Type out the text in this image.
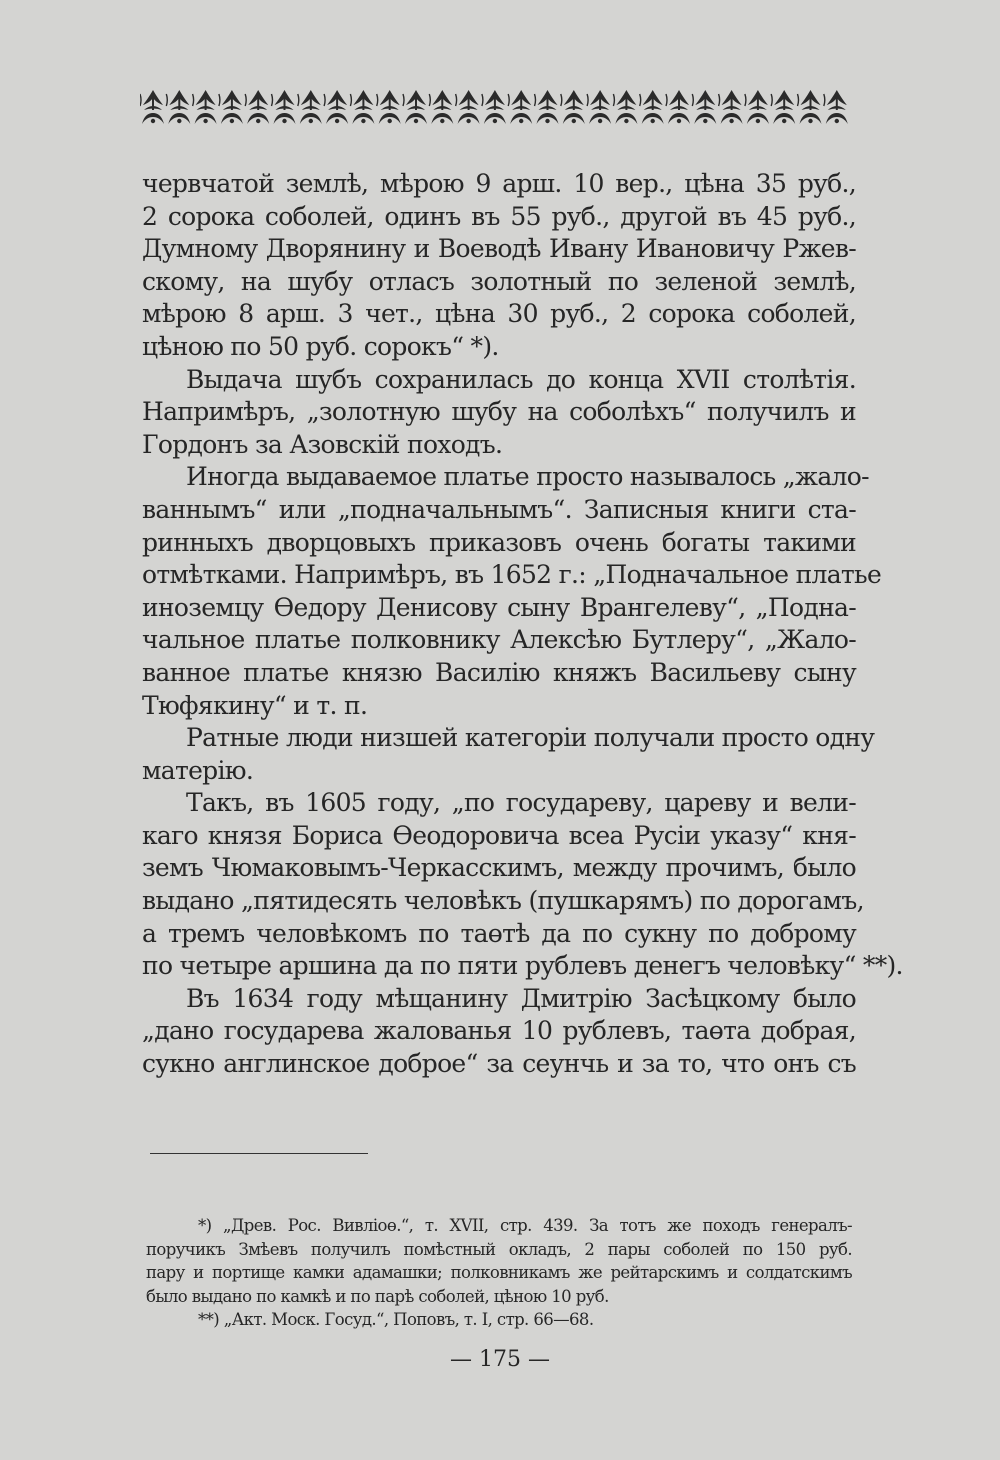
червчатой землѣ, мѣрою 9 арш. 10 вер., цѣна 35 руб.,
2 сорока соболей, одинъ въ 55 руб., другой въ 45 руб.,
Думному Дворянину и Воеводѣ Ивану Ивановичу Ржев-
скому, на шубу отласъ золотный по зеленой землѣ,
мѣрою 8 арш. 3 чет., цѣна 30 руб., 2 сорока соболей,
цѣною по 50 руб. сорокъ“ *).
Выдача шубъ сохранилась до конца XVII столѣтія.
Напримѣръ, „золотную шубу на соболѣхъ“ получилъ и
Гордонъ за Азовскій походъ.
Иногда выдаваемое платье просто называлось „жало-
ваннымъ“ или „подначальнымъ“. Записныя книги ста-
ринныхъ дворцовыхъ приказовъ очень богаты такими
отмѣтками. Напримѣръ, въ 1652 г.: „Подначальное платье
иноземцу Өедору Денисову сыну Врангелеву“, „Подна-
чальное платье полковнику Алексѣю Бутлеру“, „Жало-
ванное платье князю Василію княжъ Васильеву сыну
Тюфякину“ и т. п.
Ратные люди низшей категоріи получали просто одну
матерію.
Такъ, въ 1605 году, „по государеву, цареву и вели-
каго князя Бориса Өеодоровича всеа Русіи указу“ кня-
земъ Чюмаковымъ-Черкасскимъ, между прочимъ, было
выдано „пятидесять человѣкъ (пушкарямъ) по дорогамъ,
а тремъ человѣкомъ по таөтѣ да по сукну по доброму
по четыре аршина да по пяти рублевъ денегъ человѣку“ **).
Въ 1634 году мѣщанину Дмитрію Засѣцкому было
„дано государева жалованья 10 рублевъ, таөта добрая,
сукно англинское доброе“ за сеунчь и за то, что онъ съ
*) „Древ. Рос. Вивліоө.“, т. XVII, стр. 439. За тотъ же походъ генералъ-
поручикъ Змѣевъ получилъ помѣстный окладъ, 2 пары соболей по 150 руб.
пару и портище камки адамашки; полковникамъ же рейтарскимъ и солдатскимъ
было выдано по камкѣ и по парѣ соболей, цѣною 10 руб.
**) „Акт. Моск. Госуд.“, Поповъ, т. I, стр. 66—68.
— 175 —
